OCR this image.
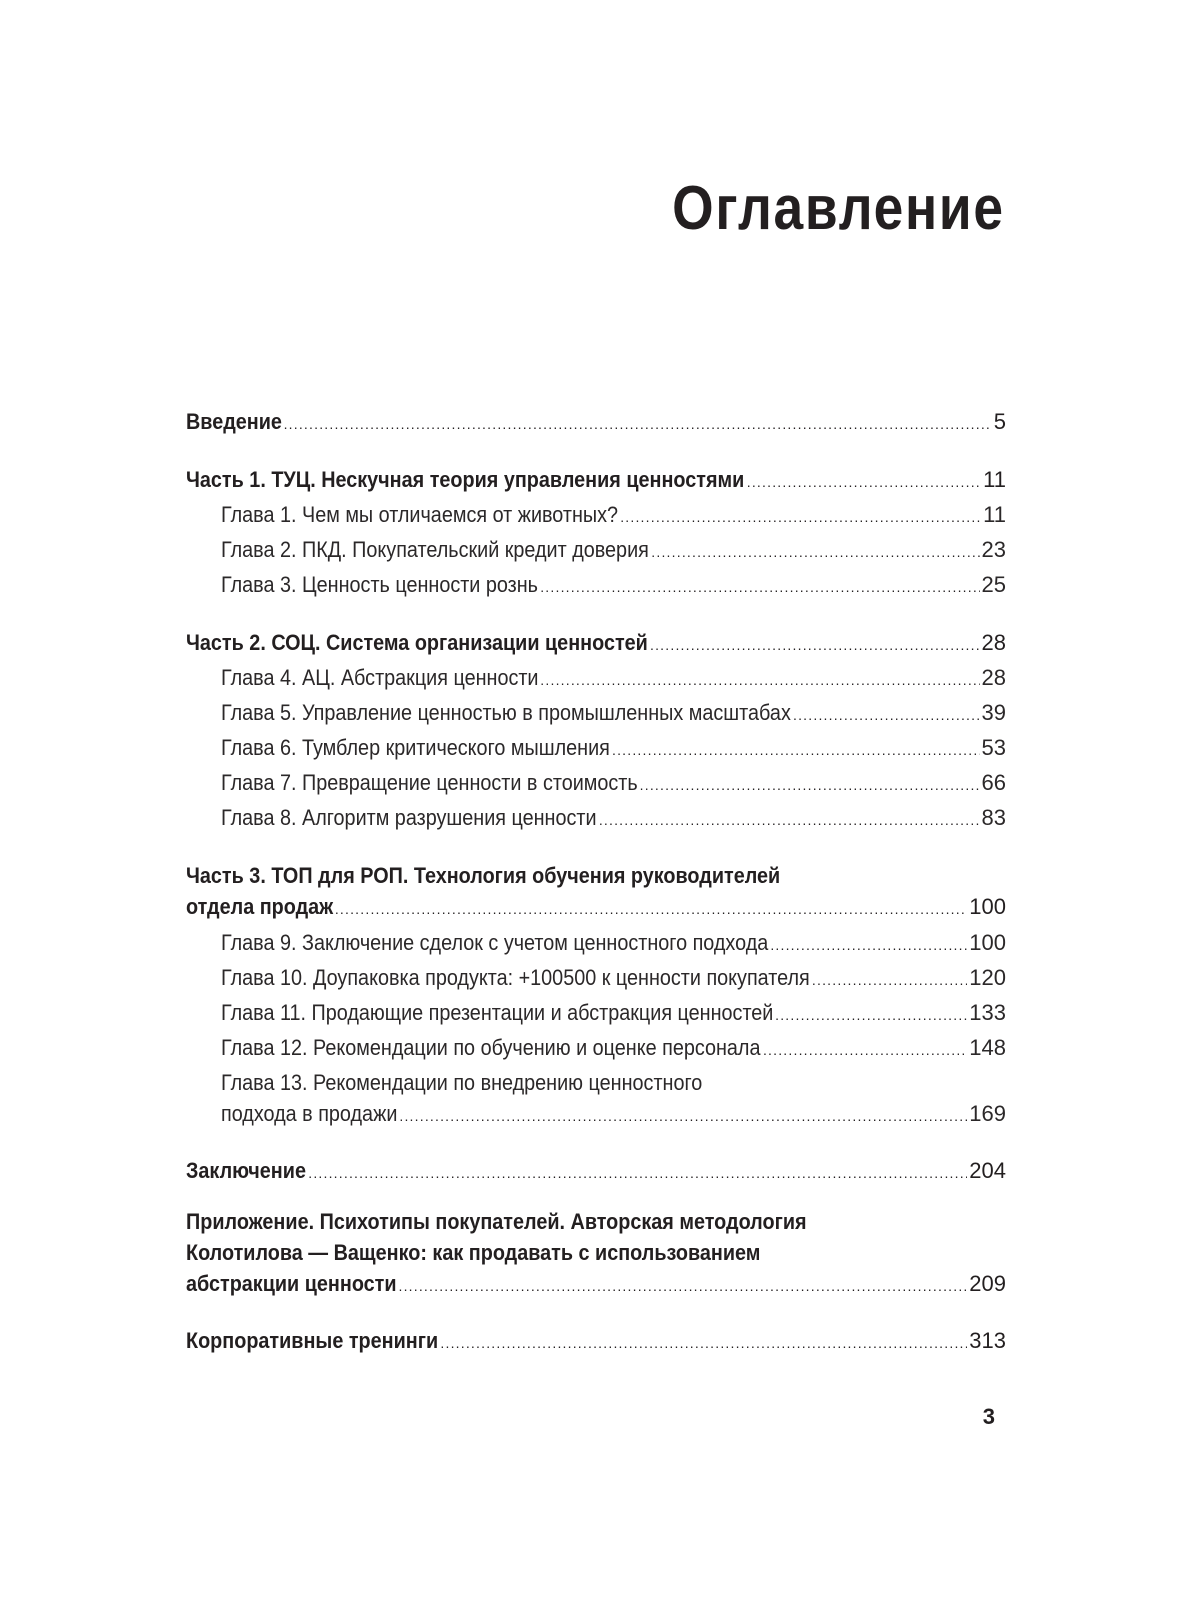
Оглавление
Введение .....	5
Часть 1. ТУЦ. Нескучная теория управления ценностями .....	11
Глава 1. Чем мы отличаемся от животных? .....	11
Глава 2. ПКД. Покупательский кредит доверия .....	23
Глава 3. Ценность ценности рознь .....	25
Часть 2. СОЦ. Система организации ценностей .....	28
Глава 4. АЦ. Абстракция ценности .....	28
Глава 5. Управление ценностью в промышленных масштабах .....	39
Глава 6. Тумблер критического мышления .....	53
Глава 7. Превращение ценности в стоимость .....	66
Глава 8. Алгоритм разрушения ценности .....	83
Часть 3. ТОП для РОП. Технология обучения руководителей
отдела продаж .....	100
Глава 9. Заключение сделок с учетом ценностного подхода .....	100
Глава 10. Доупаковка продукта: +100500 к ценности покупателя .....	120
Глава 11. Продающие презентации и абстракция ценностей .....	133
Глава 12. Рекомендации по обучению и оценке персонала .....	148
Глава 13. Рекомендации по внедрению ценностного
подхода в продажи .....	169
Заключение .....	204
Приложение. Психотипы покупателей. Авторская методология
Колотилова — Ващенко: как продавать с использованием
абстракции ценности .....	209
Корпоративные тренинги .....	313
3
